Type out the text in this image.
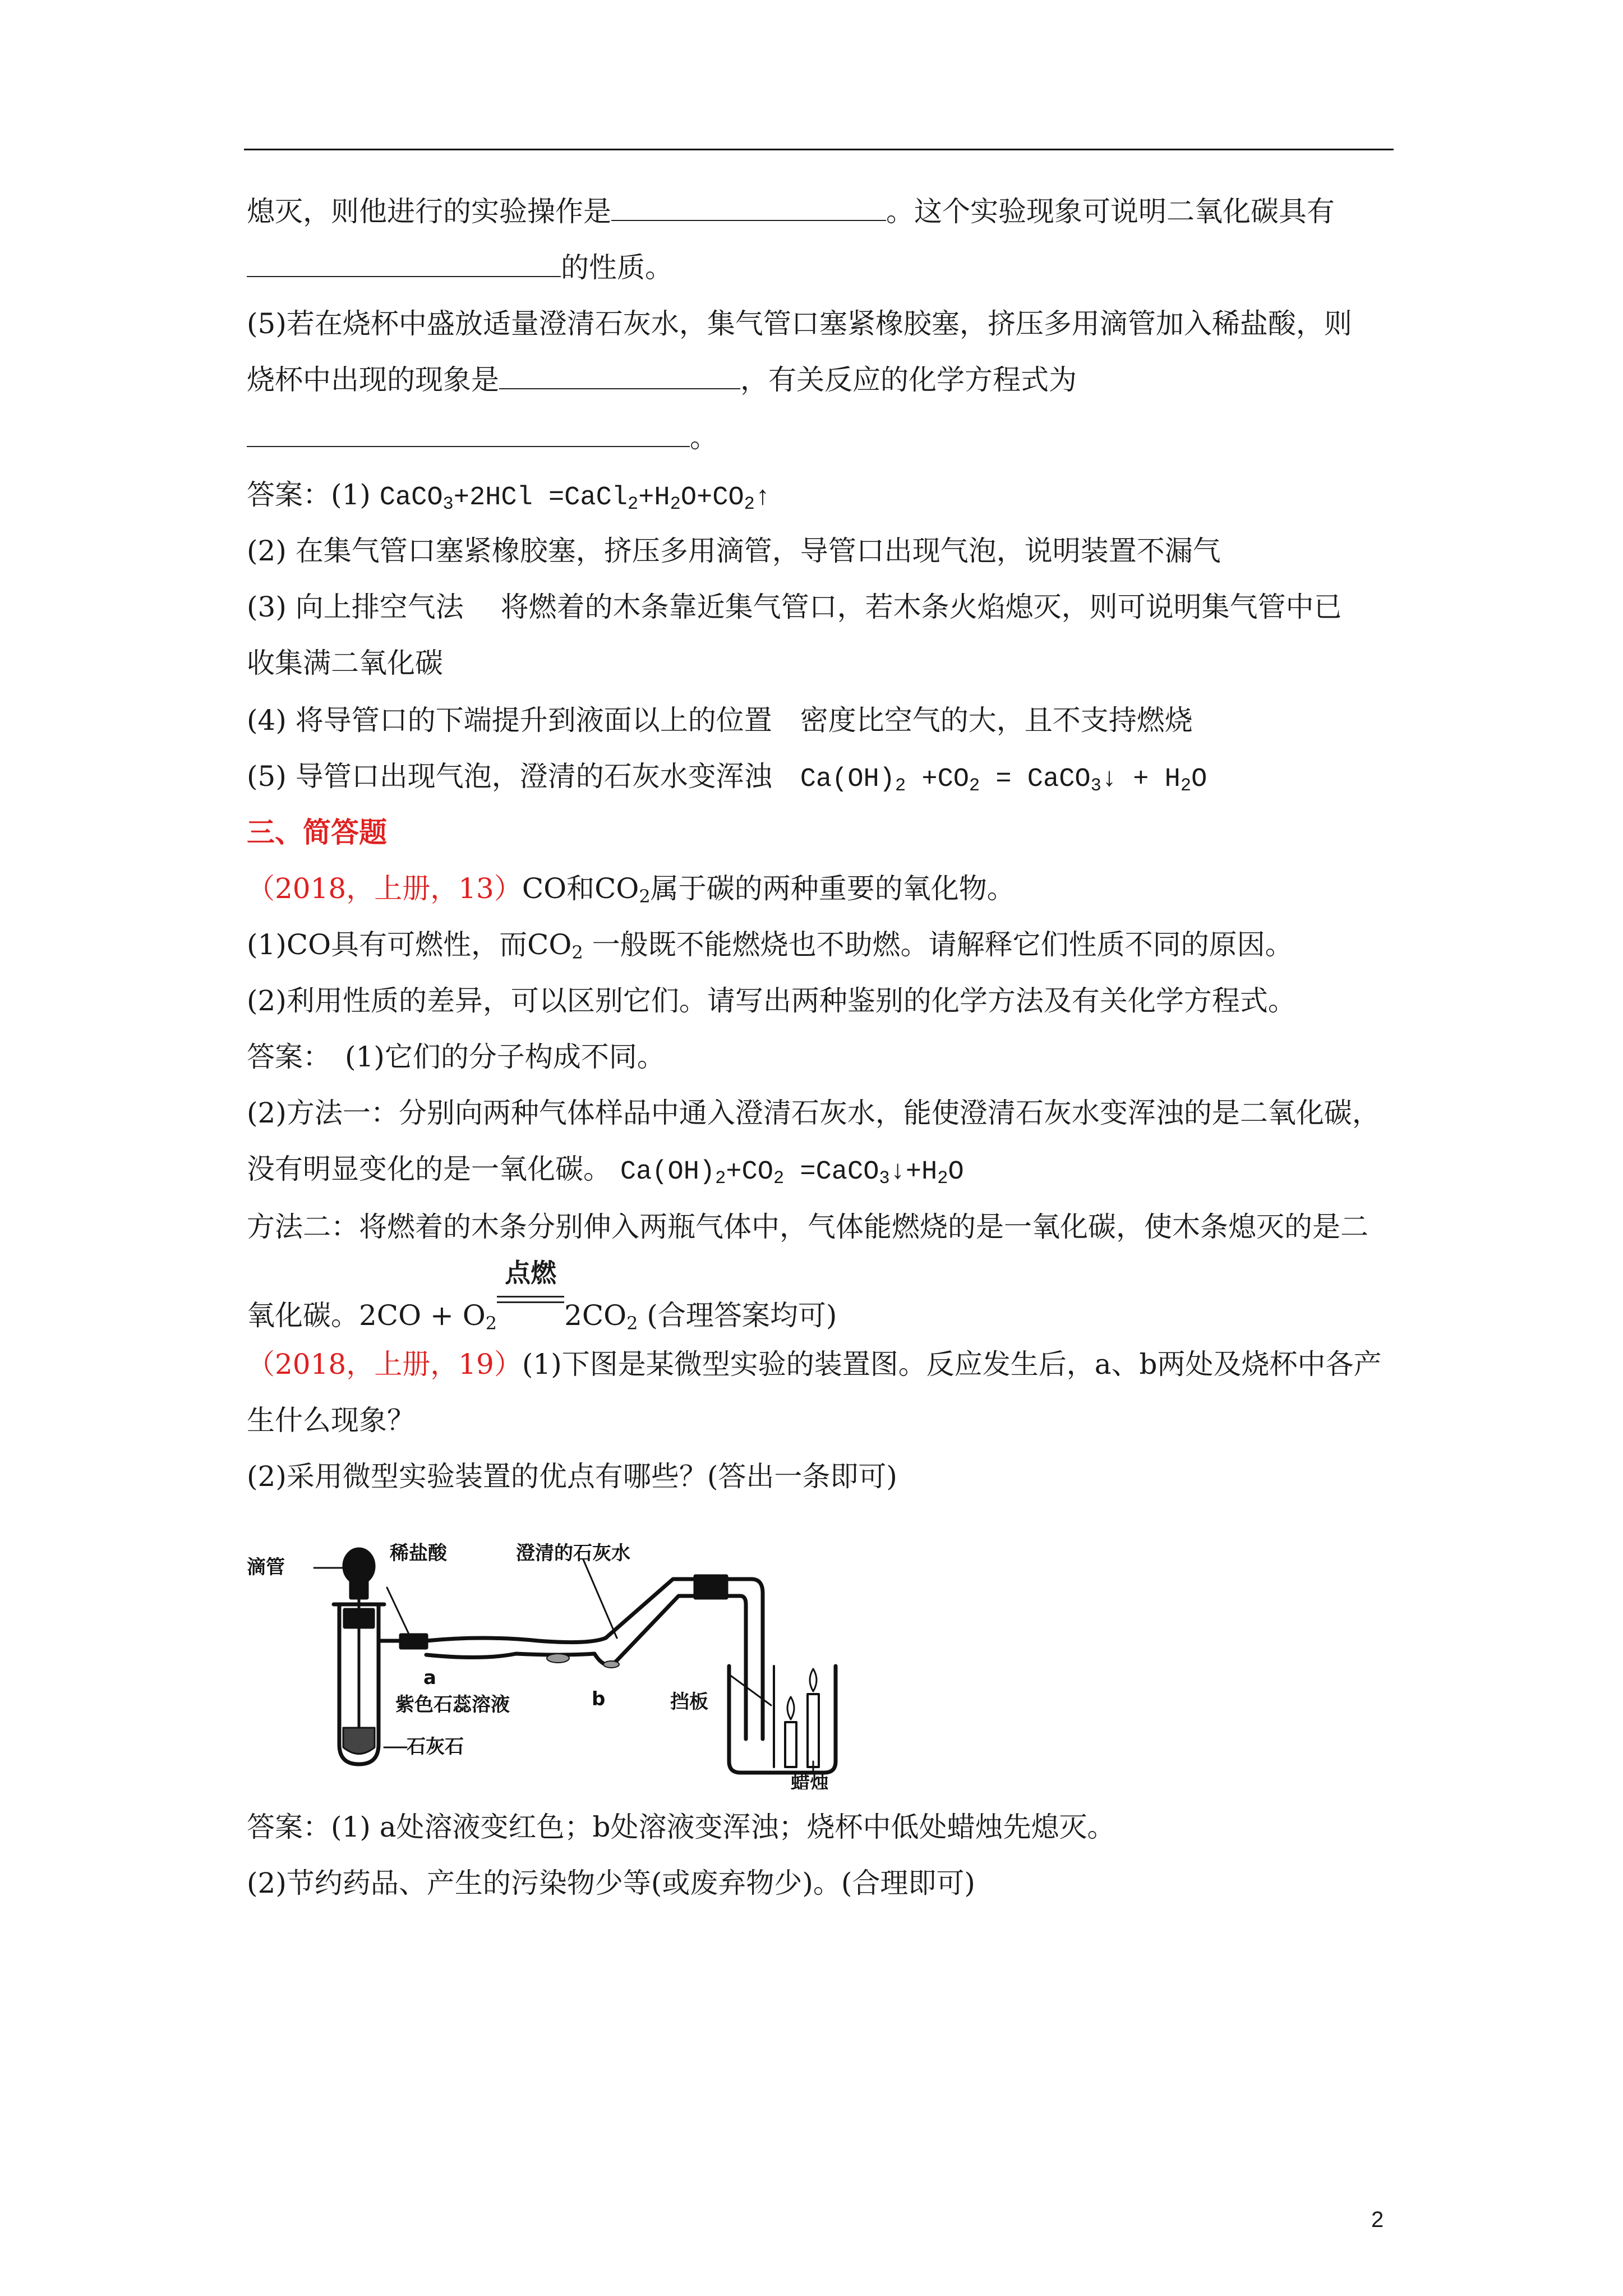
熄灭，则他进行的实验操作是	。这个实验现象可说明二氧化碳具有
的性质。
(5)若在烧杯中盛放适量澄清石灰水，集气管口塞紧橡胶塞，挤压多用滴管加入稀盐酸，则
烧杯中出现的现象是	，有关反应的化学方程式为
。
答案：(1) CaCO$_3$+2HCl $=CaCl_2+H_2O+CO_2↑$
(2) 在集气管口塞紧橡胶塞，挤压多用滴管，导管口出现气泡，说明装置不漏气
(3) 向上排空气法　 将燃着的木条靠近集气管口，若木条火焰熄灭，则可说明集气管中已
收集满二氧化碳
(4) 将导管口的下端提升到液面以上的位置　密度比空气的大，且不支持燃烧
(5) 导管口出现气泡，澄清的石灰水变浑浊　$Ca(OH)_2 +CO_2$ = CaCO$_3$↓ + $H_2O$
三、简答题
（2018，上册，13）CO和$CO_2$属于碳的两种重要的氧化物。
(1)CO具有可燃性，而$CO_2$ 一般既不能燃烧也不助燃。请解释它们性质不同的原因。
(2)利用性质的差异，可以区别它们。请写出两种鉴别的化学方法及有关化学方程式。
答案：　(1)它们的分子构成不同。
(2)方法一：分别向两种气体样品中通入澄清石灰水，能使澄清石灰水变浑浊的是二氧化碳，
没有明显变化的是一氧化碳。 $Ca(OH)_2+CO_2$ $=CaCO_3↓+H_2O$
方法二：将燃着的木条分别伸入两瓶气体中，气体能燃烧的是一氧化碳，使木条熄灭的是二
氧化碳。$2CO + O_2$
点燃
$2CO_2$ (合理答案均可)
（2018，上册，19）(1)下图是某微型实验的装置图。反应发生后，a、b两处及烧杯中各产
生什么现象？
(2)采用微型实验装置的优点有哪些？(答出一条即可)
滴管
稀盐酸	澄清的石灰水
a
紫色石蕊溶液	b
石灰石
挡板
蜡烛
答案：(1) a处溶液变红色；b处溶液变浑浊；烧杯中低处蜡烛先熄灭。
(2)节约药品、产生的污染物少等(或废弃物少)。(合理即可)
2
